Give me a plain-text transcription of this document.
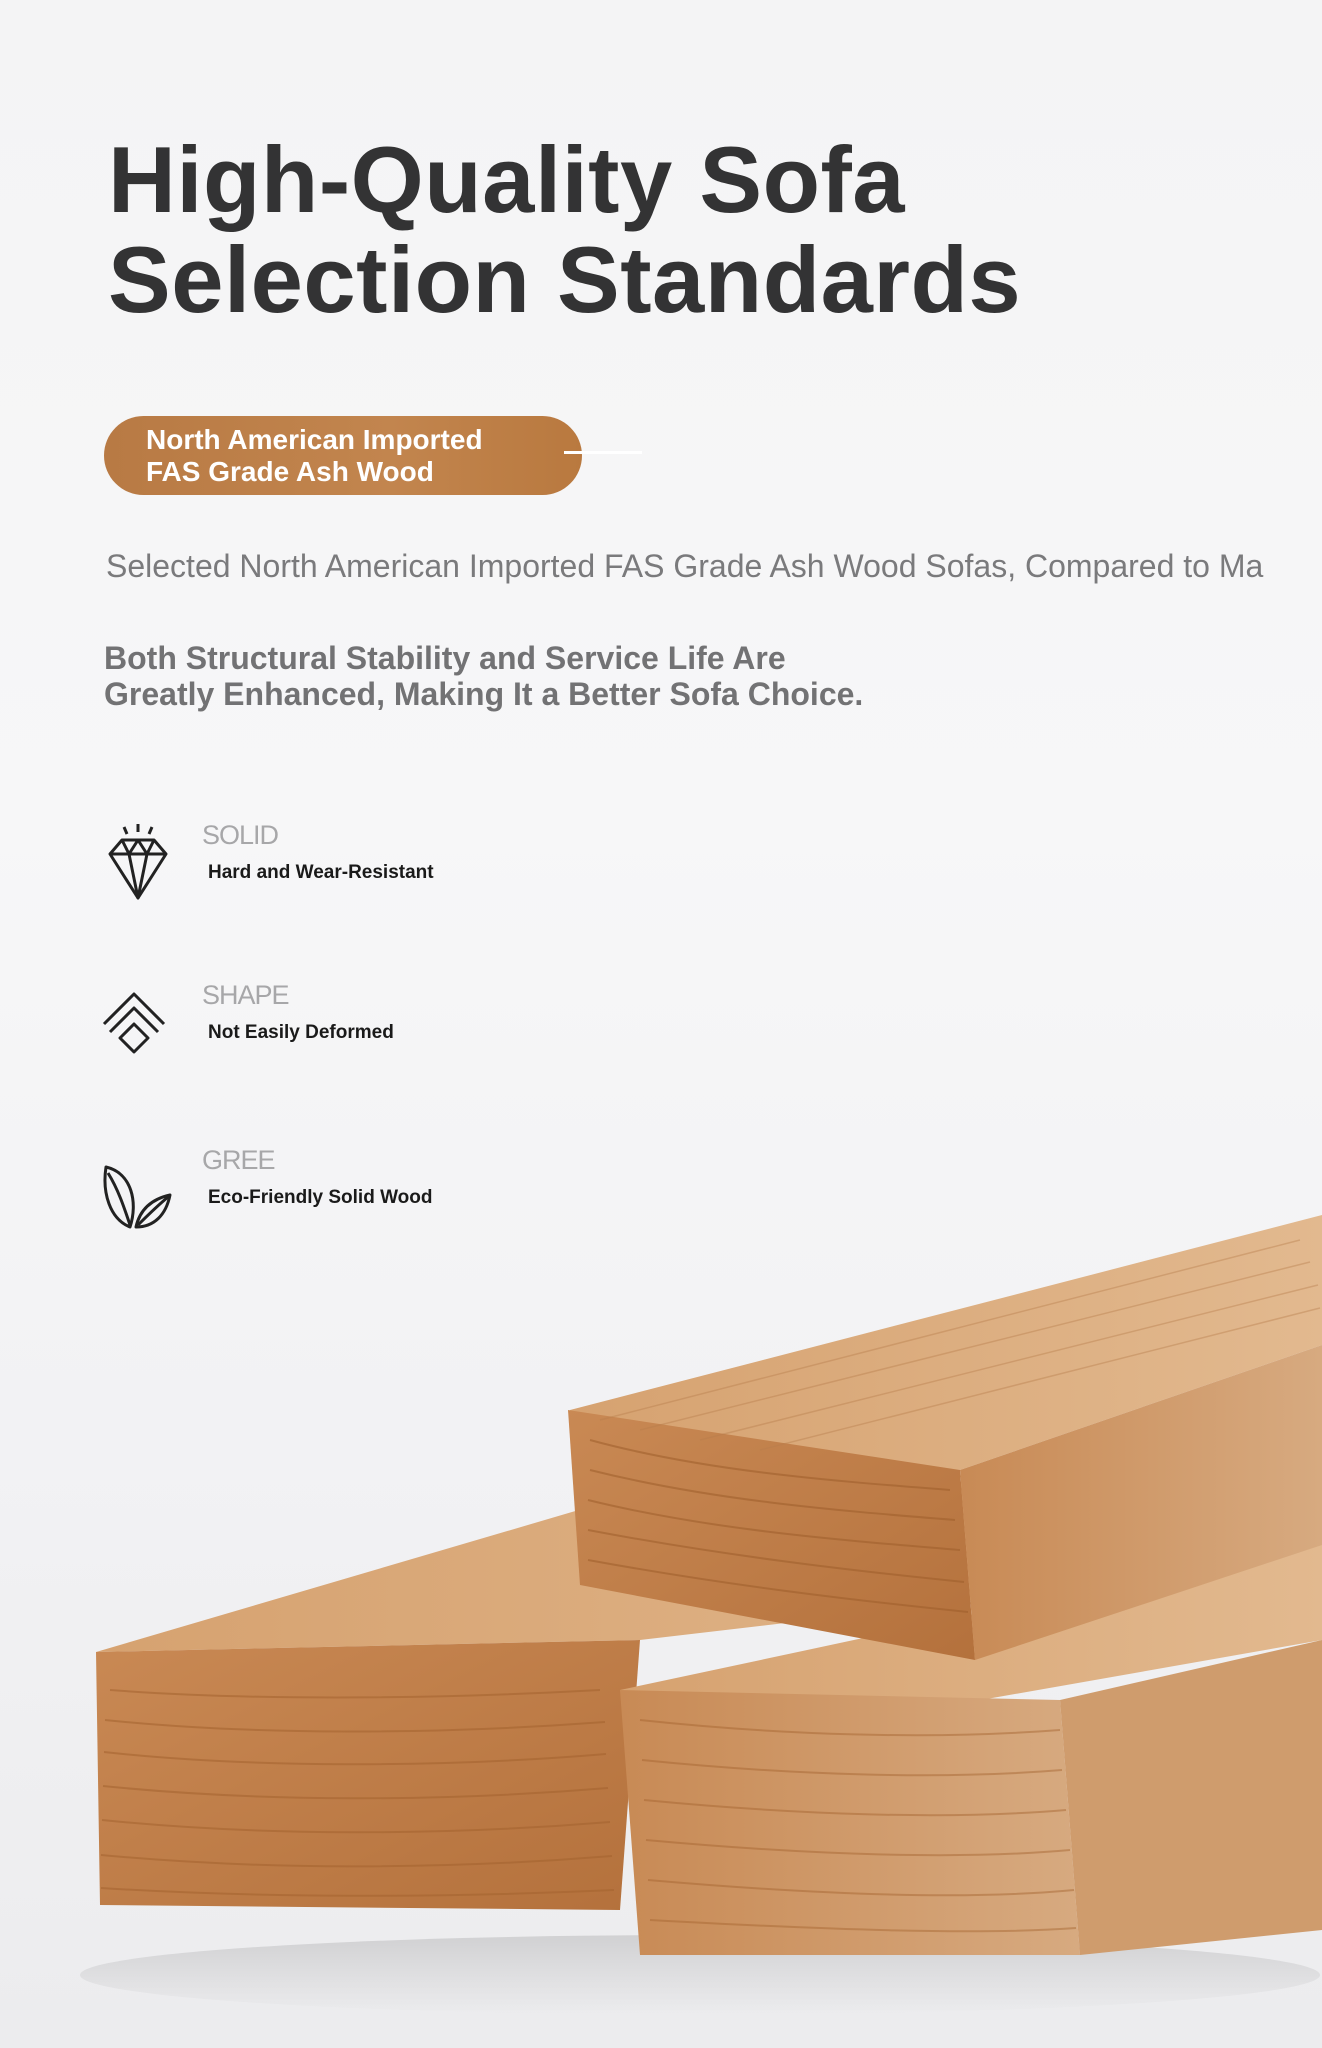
High-Quality Sofa
Selection Standards
North American Imported
FAS Grade Ash Wood
Selected North American Imported FAS Grade Ash Wood Sofas, Compared to Ma
Both Structural Stability and Service Life Are
Greatly Enhanced, Making It a Better Sofa Choice.
SOLID
Hard and Wear-Resistant
SHAPE
Not Easily Deformed
GREE
Eco-Friendly Solid Wood
